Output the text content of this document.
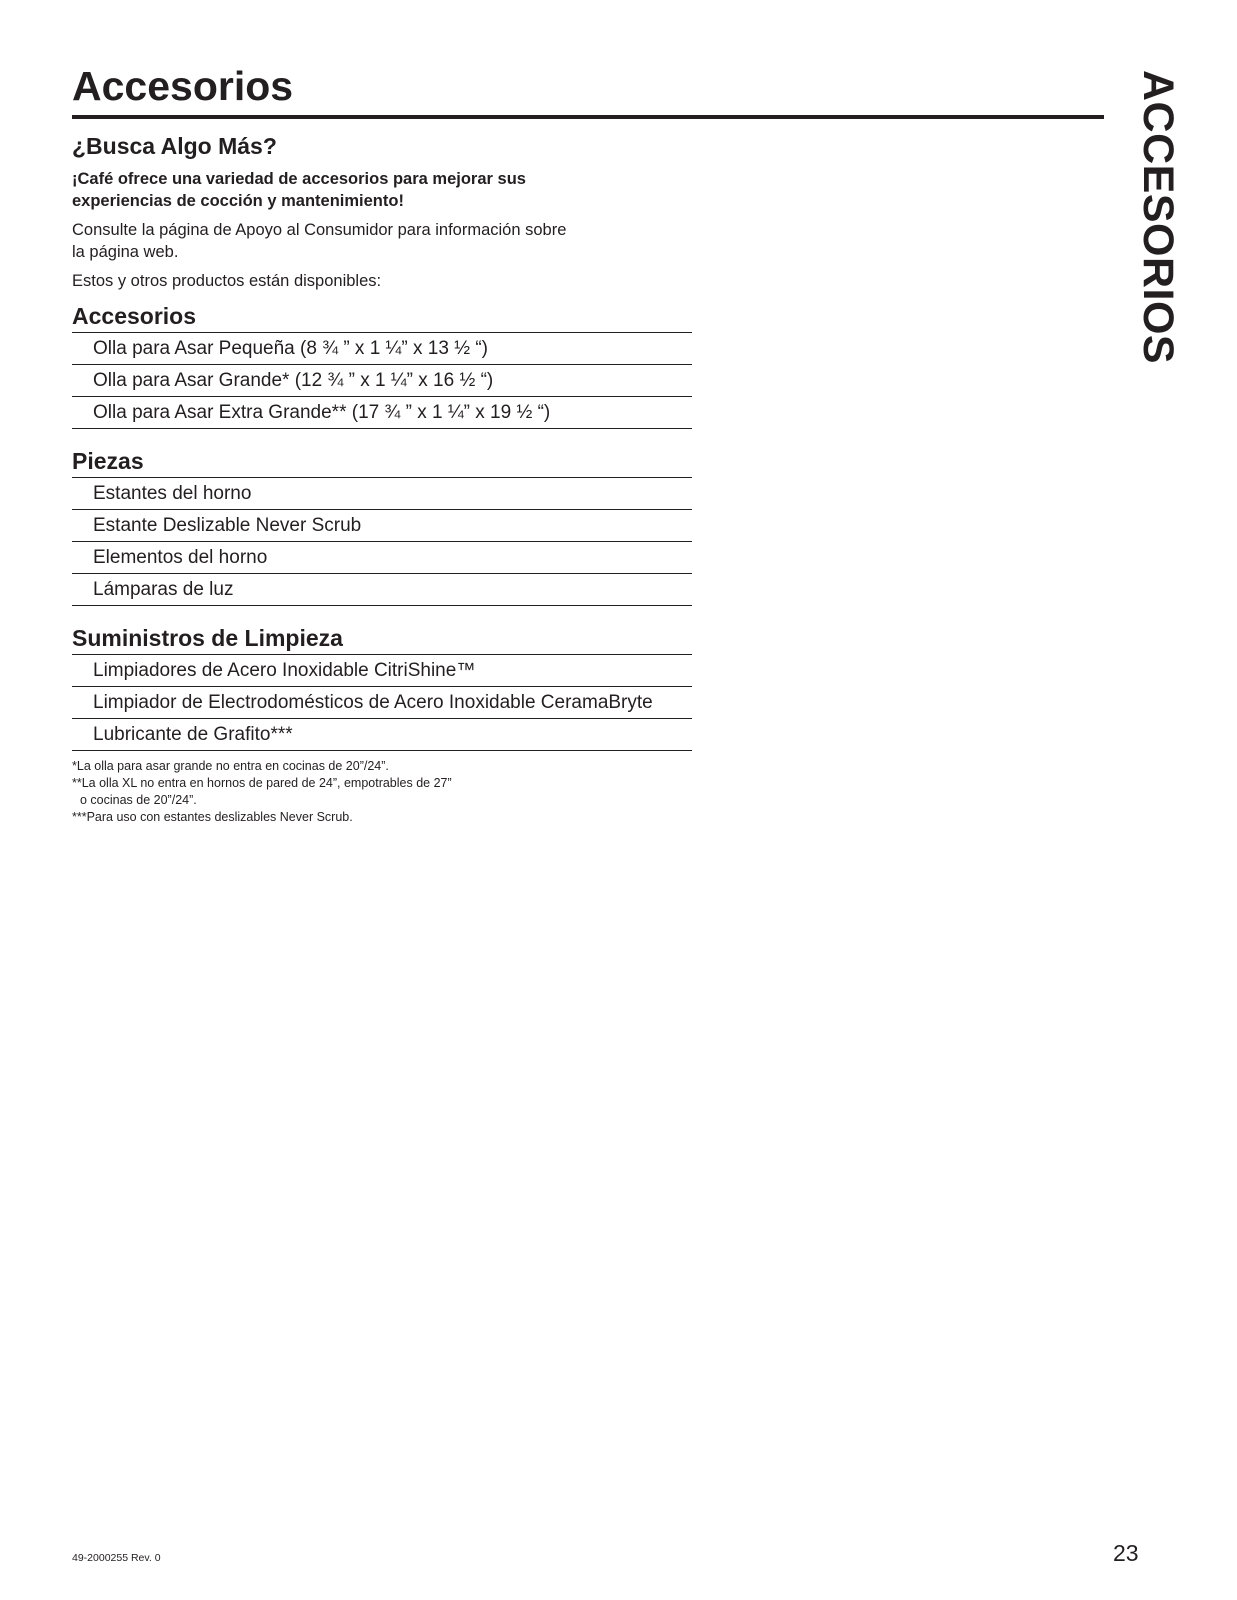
Accesorios	ACCESORIOS
¿Busca Algo Más?

¡Café ofrece una variedad de accesorios para mejorar sus experiencias de cocción y mantenimiento!

Consulte la página de Apoyo al Consumidor para información sobre la página web.

Estos y otros productos están disponibles:

Accesorios
Olla para Asar Pequeña (8 ¾ ” x 1 ¼” x 13 ½ “)
Olla para Asar Grande* (12 ¾ ” x 1 ¼” x 16 ½ “)
Olla para Asar Extra Grande** (17 ¾ ” x 1 ¼” x 19 ½ “)
Piezas
Estantes del horno
Estante Deslizable Never Scrub
Elementos del horno
Lámparas de luz
Suministros de Limpieza
Limpiadores de Acero Inoxidable CitriShine™
Limpiador de Electrodomésticos de Acero Inoxidable CeramaBryte
Lubricante de Grafito***
*La olla para asar grande no entra en cocinas de 20”/24”.
**La olla XL no entra en hornos de pared de 24”, empotrables de 27”
o cocinas de 20”/24”.
***Para uso con estantes deslizables Never Scrub.
49-2000255 Rev. 0	23
